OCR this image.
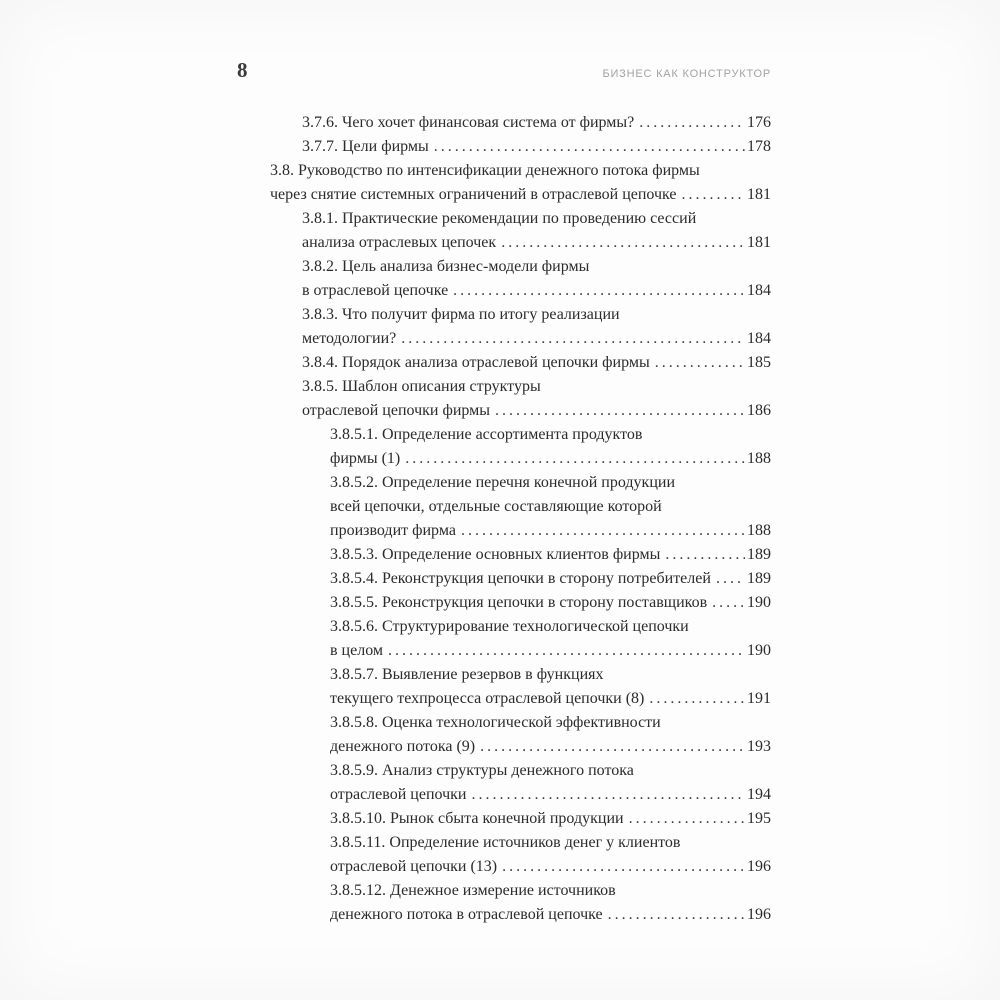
8	БИЗНЕС КАК КОНСТРУКТОР
3.7.6. Чего хочет финансовая система от фирмы? .....	176
3.7.7. Цели фирмы .....	178
3.8. Руководство по интенсификации денежного потока фирмы
через снятие системных ограничений в отраслевой цепочке .....	181
3.8.1. Практические рекомендации по проведению сессий
анализа отраслевых цепочек .....	181
3.8.2. Цель анализа бизнес-модели фирмы
в отраслевой цепочке .....	184
3.8.3. Что получит фирма по итогу реализации
методологии? .....	184
3.8.4. Порядок анализа отраслевой цепочки фирмы .....	185
3.8.5. Шаблон описания структуры
отраслевой цепочки фирмы .....	186
3.8.5.1. Определение ассортимента продуктов
фирмы (1) .....	188
3.8.5.2. Определение перечня конечной продукции
всей цепочки, отдельные составляющие которой
производит фирма .....	188
3.8.5.3. Определение основных клиентов фирмы .....	189
3.8.5.4. Реконструкция цепочки в сторону потребителей ..... 189
3.8.5.5. Реконструкция цепочки в сторону поставщиков ..... 190
3.8.5.6. Структурирование технологической цепочки
в целом .....	190
3.8.5.7. Выявление резервов в функциях
текущего техпроцесса отраслевой цепочки (8) .....	191
3.8.5.8. Оценка технологической эффективности
денежного потока (9) .....	193
3.8.5.9. Анализ структуры денежного потока
отраслевой цепочки .....	194
3.8.5.10. Рынок сбыта конечной продукции .....	195
3.8.5.11. Определение источников денег у клиентов
отраслевой цепочки (13) .....	196
3.8.5.12. Денежное измерение источников
денежного потока в отраслевой цепочке .....	196
